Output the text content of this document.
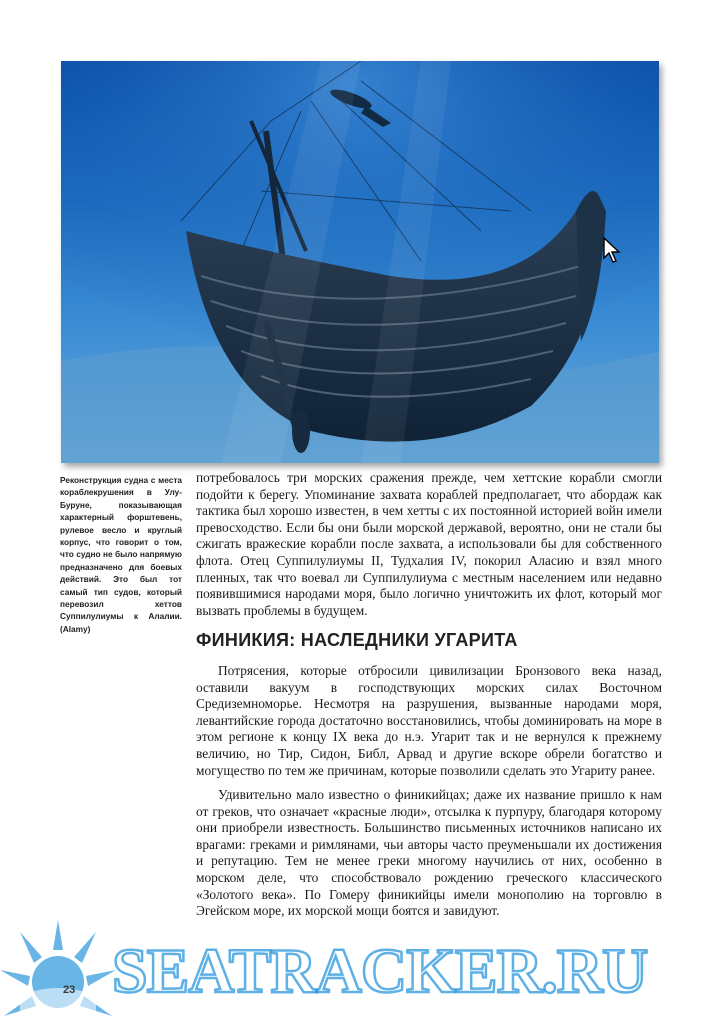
Реконструкция судна с места кораблекрушения в Улу-Буруне, показывающая характерный форштевень, рулевое весло и круглый корпус, что говорит о том, что судно не было напрямую предназначено для боевых действий. Это был тот самый тип судов, который перевозил хеттов Суппилулиумы к Алалии. (Alamy)

потребовалось три морских сражения прежде, чем хеттские корабли смогли подойти к берегу. Упоминание захвата кораблей предполагает, что абордаж как тактика был хорошо известен, в чем хетты с их постоянной историей войн имели превосходство. Если бы они были морской державой, вероятно, они не стали бы сжигать вражеские корабли после захвата, а использовали бы для собственного флота. Отец Суппилулиумы II, Тудхалия IV, покорил Аласию и взял много пленных, так что воевал ли Суппилулиума с местным населением или недавно появившимися народами моря, было логично уничтожить их флот, который мог вызвать проблемы в будущем.

ФИНИКИЯ: НАСЛЕДНИКИ УГАРИТА

Потрясения, которые отбросили цивилизации Бронзового века назад, оставили вакуум в господствующих морских силах Восточном Средиземноморье. Несмотря на разрушения, вызванные народами моря, левантийские города достаточно восстановились, чтобы доминировать на море в этом регионе к концу IX века до н.э. Угарит так и не вернулся к прежнему величию, но Тир, Сидон, Библ, Арвад и другие вскоре обрели богатство и могущество по тем же причинам, которые позволили сделать это Угариту ранее.

Удивительно мало известно о финикийцах; даже их название пришло к нам от греков, что означает «красные люди», отсылка к пурпуру, благодаря которому они приобрели известность. Большинство письменных источников написано их врагами: греками и римлянами, чьи авторы часто преуменьшали их достижения и репутацию. Тем не менее греки многому научились от них, особенно в морском деле, что способствовало рождению греческого классического «Золотого века». По Гомеру финикийцы имели монополию на торговлю в Эгейском море, их морской мощи боятся и завидуют.

SEATRACKER.RU
23
